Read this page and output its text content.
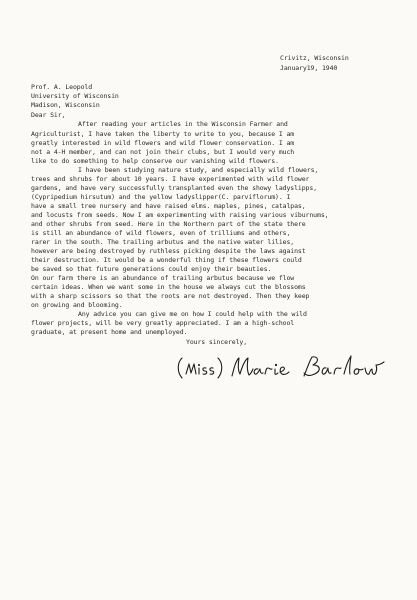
Crivitz, Wisconsin
January19, 1940
Prof. A. Leopold
University of Wisconsin
Madison, Wisconsin
Dear Sir,
After reading your articles in the Wisconsin Farmer and
Agriculturist, I have taken the liberty to write to you, because I am
greatly interested in wild flowers and wild flower conservation. I am
not a 4-H member, and can not join their clubs, but I would very much
like to do something to help conserve our vanishing wild flowers.
I have been studying nature study, and especially wild flowers,
trees and shrubs for about 10 years. I have experimented with wild flower
gardens, and have very successfully transplanted even the showy ladyslipps,
(Cypripedium hirsutum) and the yellow ladyslipper(C. parviflorum). I
have a small tree nursery and have raised elms. maples, pines, catalpas,
and locusts from seeds. Now I am experimenting with raising various viburnums,
and other shrubs from seed. Here in the Northern part of the state there
is still an abundance of wild flowers, even of trilliums and others,
rarer in the south. The trailing arbutus and the native water lilies,
however are being destroyed by ruthless picking despite the laws against
their destruction. It would be a wonderful thing if these flowers could
be saved so that future generations could enjoy their beauties.
On our farm there is an abundance of trailing arbutus because we flow
certain ideas. When we want some in the house we always cut the blossoms
with a sharp scissors so that the roots are not destroyed. Then they keep
on growing and blooming.
Any advice you can give me on how I could help with the wild
flower projects, will be very greatly appreciated. I am a high-school
graduate, at present home and unemployed.
Yours sincerely,
